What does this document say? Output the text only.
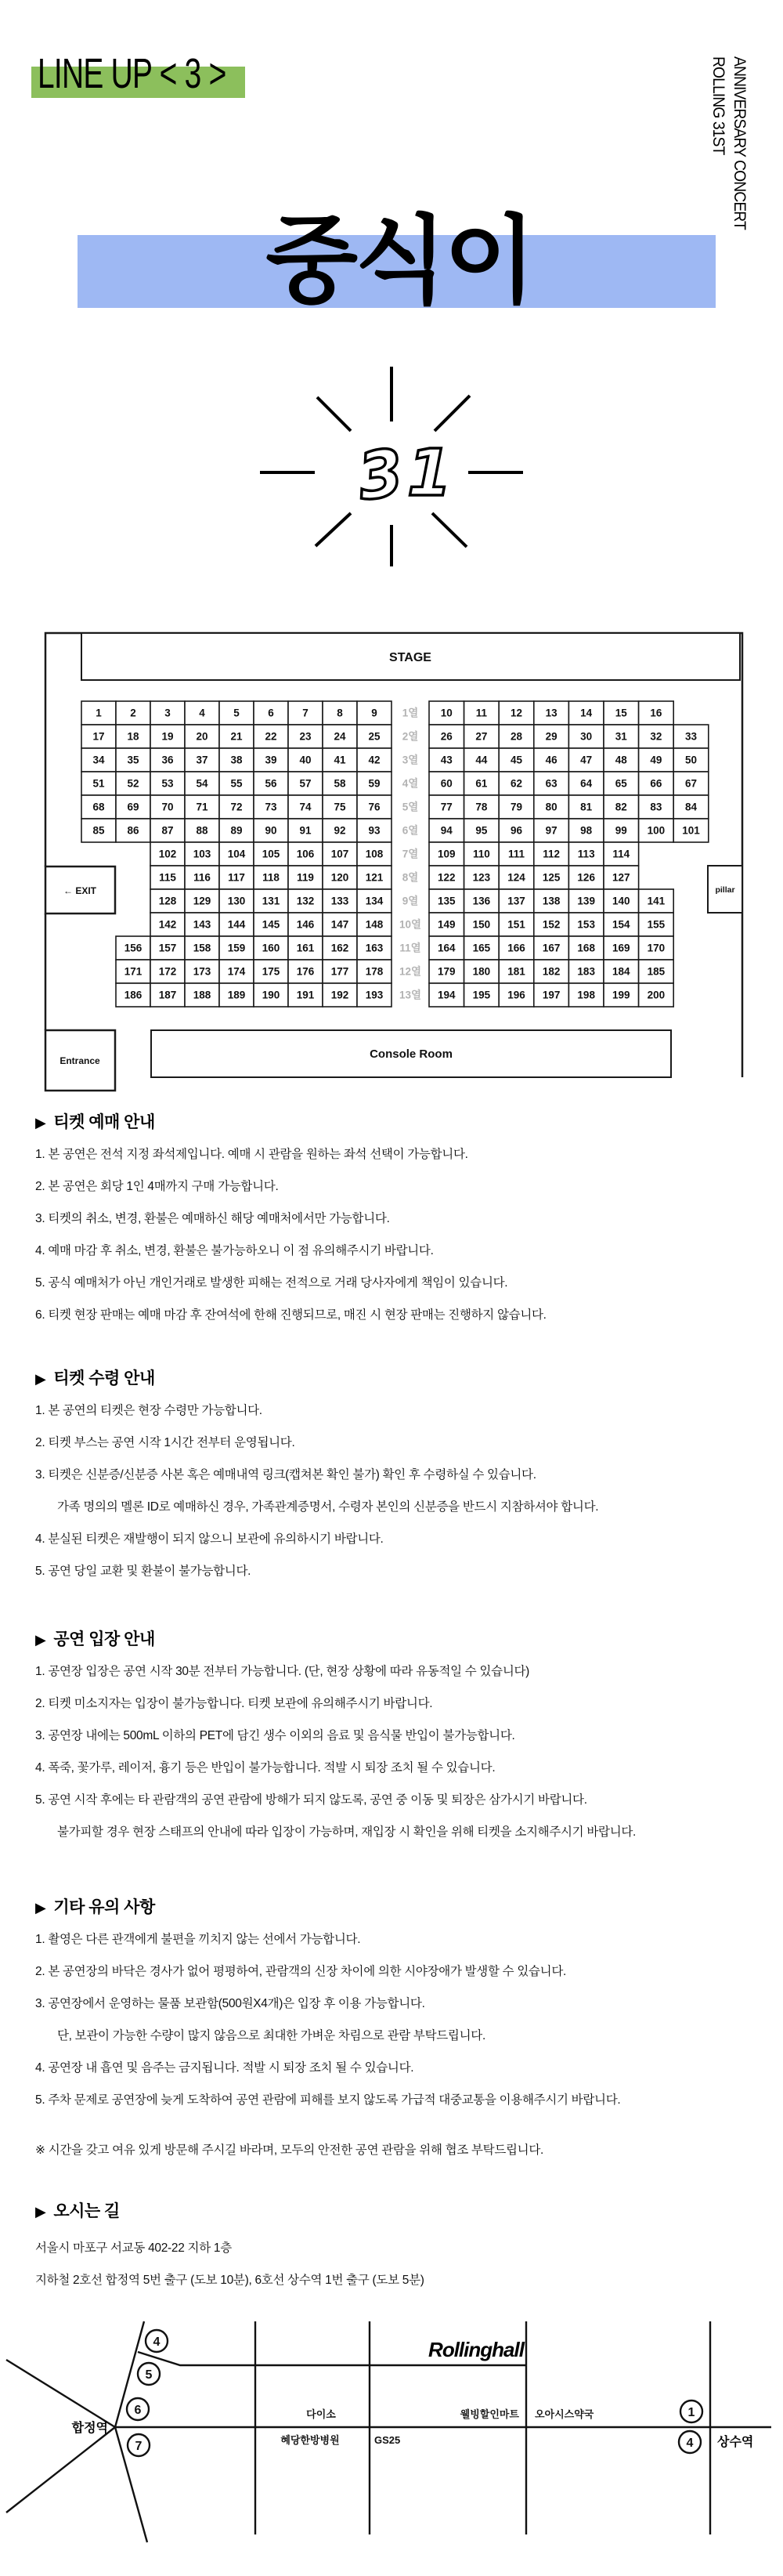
LINE UP < 3 >	ANNIVERSARY CONCERT
ROLLING 31ST
중식이
3 1
STAGE
← EXIT
Entrance	Console Room
pillar
1열
1	2	3	4	5	6	7	8	9	10 11 12 13 14 15 16
2열
17 18 19 20 21 22 23 24 25	26 27 28 29 30 31 32 33
3열
34 35 36 37 38 39 40 41 42	43 44 45 46 47 48 49 50
4열
51 52 53 54 55 56 57 58 59	60 61 62 63 64 65 66 67
5열
68 69 70 71 72 73 74 75 76	77 78 79 80 81 82 83 84
6열
85 86 87 88 89 90 91 92 93	94 95 96 97 98 99 100 101
7열
102 103 104 105 106 107 108	109 110 111 112 113 114
8열
115 116 117 118 119 120 121	122 123 124 125 126 127
9열
128 129 130 131 132 133 134	135 136 137 138 139 140 141
10열
142 143 144 145 146 147 148	149 150 151 152 153 154 155
11열
156 157 158 159 160 161 162 163	164 165 166 167 168 169 170
12열
171 172 173 174 175 176 177 178	179 180 181 182 183 184 185
13열
186 187 188 189 190 191 192 193	194 195 196 197 198 199 200
▶ 티켓 예매 안내
1. 본 공연은 전석 지정 좌석제입니다. 예매 시 관람을 원하는 좌석 선택이 가능합니다.
2. 본 공연은 회당 1인 4매까지 구매 가능합니다.
3. 티켓의 취소, 변경, 환불은 예매하신 해당 예매처에서만 가능합니다.
4. 예매 마감 후 취소, 변경, 환불은 불가능하오니 이 점 유의해주시기 바랍니다.
5. 공식 예매처가 아닌 개인거래로 발생한 피해는 전적으로 거래 당사자에게 책임이 있습니다.
6. 티켓 현장 판매는 예매 마감 후 잔여석에 한해 진행되므로, 매진 시 현장 판매는 진행하지 않습니다.
▶ 티켓 수령 안내
1. 본 공연의 티켓은 현장 수령만 가능합니다.
2. 티켓 부스는 공연 시작 1시간 전부터 운영됩니다.
3. 티켓은 신분증/신분증 사본 혹은 예매내역 링크(캡쳐본 확인 불가) 확인 후 수령하실 수 있습니다.
가족 명의의 멜론 ID로 예매하신 경우, 가족관계증명서, 수령자 본인의 신분증을 반드시 지참하셔야 합니다.
4. 분실된 티켓은 재발행이 되지 않으니 보관에 유의하시기 바랍니다.
5. 공연 당일 교환 및 환불이 불가능합니다.
▶ 공연 입장 안내
1. 공연장 입장은 공연 시작 30분 전부터 가능합니다. (단, 현장 상황에 따라 유동적일 수 있습니다)
2. 티켓 미소지자는 입장이 불가능합니다. 티켓 보관에 유의해주시기 바랍니다.
3. 공연장 내에는 500mL 이하의 PET에 담긴 생수 이외의 음료 및 음식물 반입이 불가능합니다.
4. 폭죽, 꽃가루, 레이저, 흉기 등은 반입이 불가능합니다. 적발 시 퇴장 조치 될 수 있습니다.
5. 공연 시작 후에는 타 관람객의 공연 관람에 방해가 되지 않도록, 공연 중 이동 및 퇴장은 삼가시기 바랍니다.
불가피할 경우 현장 스태프의 안내에 따라 입장이 가능하며, 재입장 시 확인을 위해 티켓을 소지해주시기 바랍니다.
▶ 기타 유의 사항
1. 촬영은 다른 관객에게 불편을 끼치지 않는 선에서 가능합니다.
2. 본 공연장의 바닥은 경사가 없어 평평하여, 관람객의 신장 차이에 의한 시야장애가 발생할 수 있습니다.
3. 공연장에서 운영하는 물품 보관함(500원X4개)은 입장 후 이용 가능합니다.
단, 보관이 가능한 수량이 많지 않음으로 최대한 가벼운 차림으로 관람 부탁드립니다.
4. 공연장 내 흡연 및 음주는 금지됩니다. 적발 시 퇴장 조치 될 수 있습니다.
5. 주차 문제로 공연장에 늦게 도착하여 공연 관람에 피해를 보지 않도록 가급적 대중교통을 이용해주시기 바랍니다.
※ 시간을 갖고 여유 있게 방문해 주시길 바라며, 모두의 안전한 공연 관람을 위해 협조 부탁드립니다.
▶ 오시는 길
서울시 마포구 서교동 402-22 지하 1층
지하철 2호선 합정역 5번 출구 (도보 10분), 6호선 상수역 1번 출구 (도보 5분)
Rollinghall
합정역
상수역
4
5
6
7
1
4
다이소	웰빙할인마트 오아시스약국
혜당한방병원	GS25
